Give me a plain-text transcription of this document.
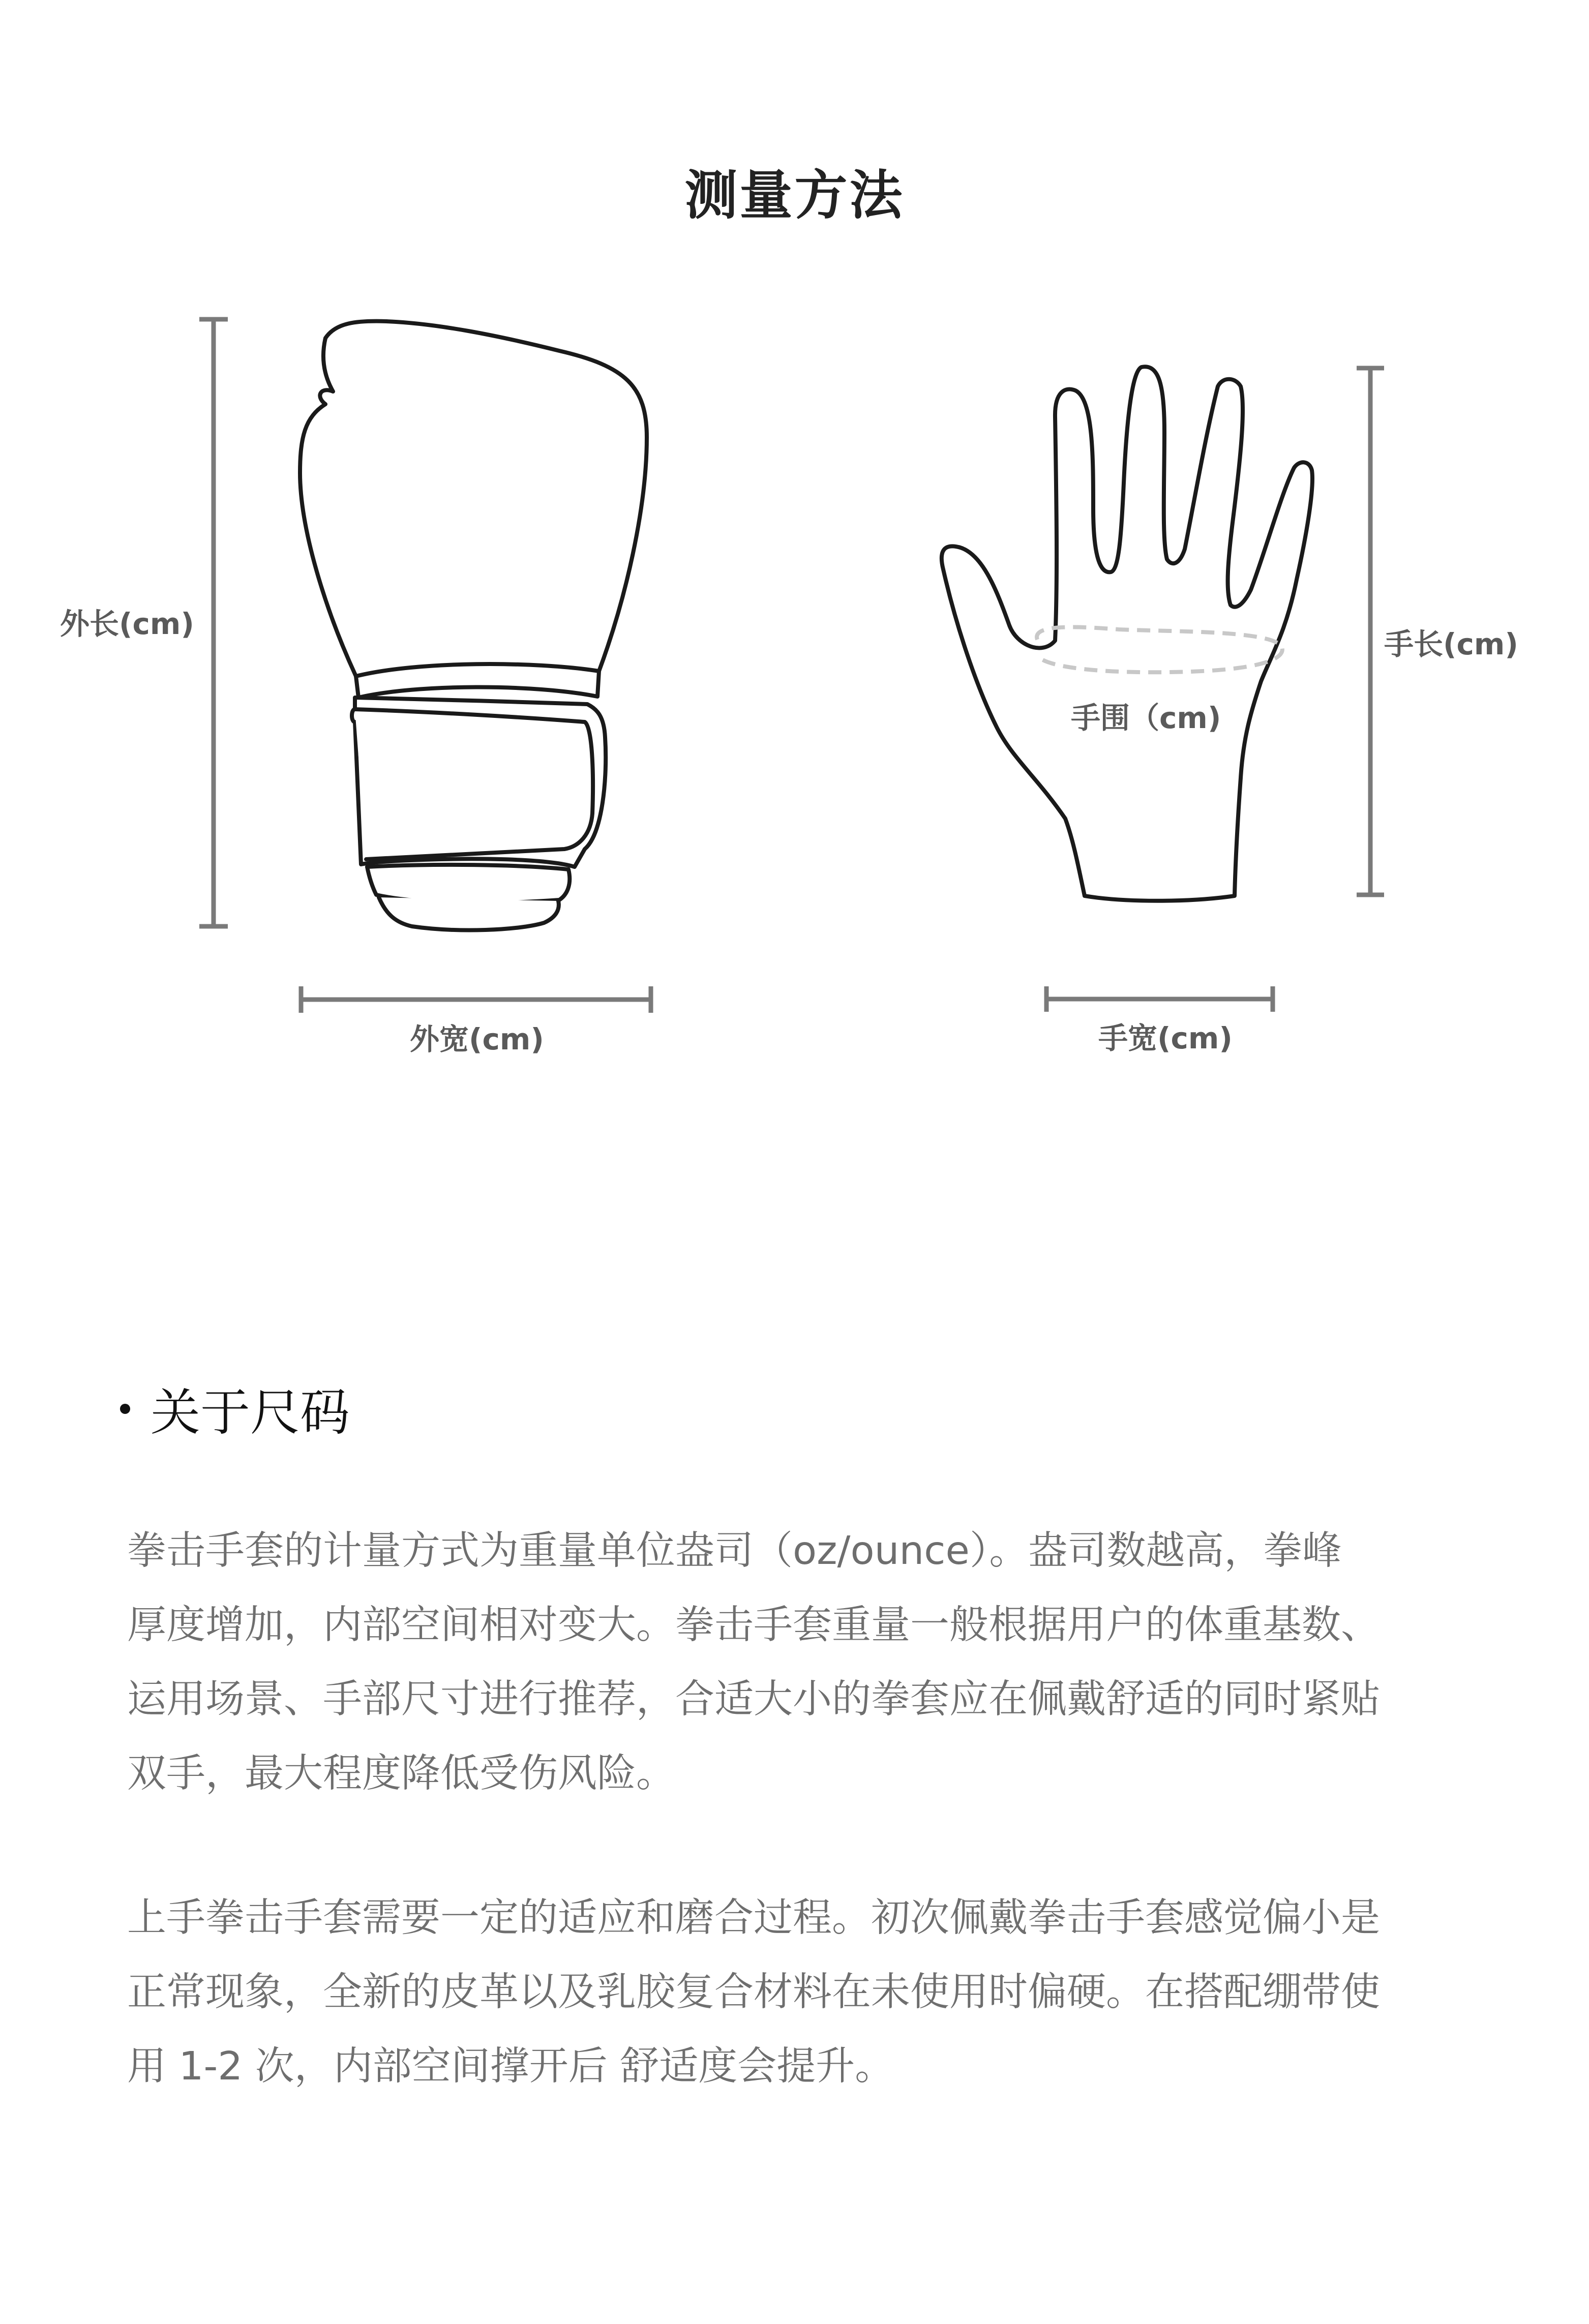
测量方法
外长(cm)
外宽(cm)
手长(cm)
手围（cm)
手宽(cm)
关于尺码
拳击手套的计量方式为重量单位盎司（oz/ounce）。盎司数越高，拳峰
厚度增加，内部空间相对变大。拳击手套重量一般根据用户的体重基数、
运用场景、手部尺寸进行推荐，合适大小的拳套应在佩戴舒适的同时紧贴
双手，最大程度降低受伤风险。
上手拳击手套需要一定的适应和磨合过程。初次佩戴拳击手套感觉偏小是
正常现象，全新的皮革以及乳胶复合材料在未使用时偏硬。在搭配绷带使
用 1-2 次，内部空间撑开后 舒适度会提升。
